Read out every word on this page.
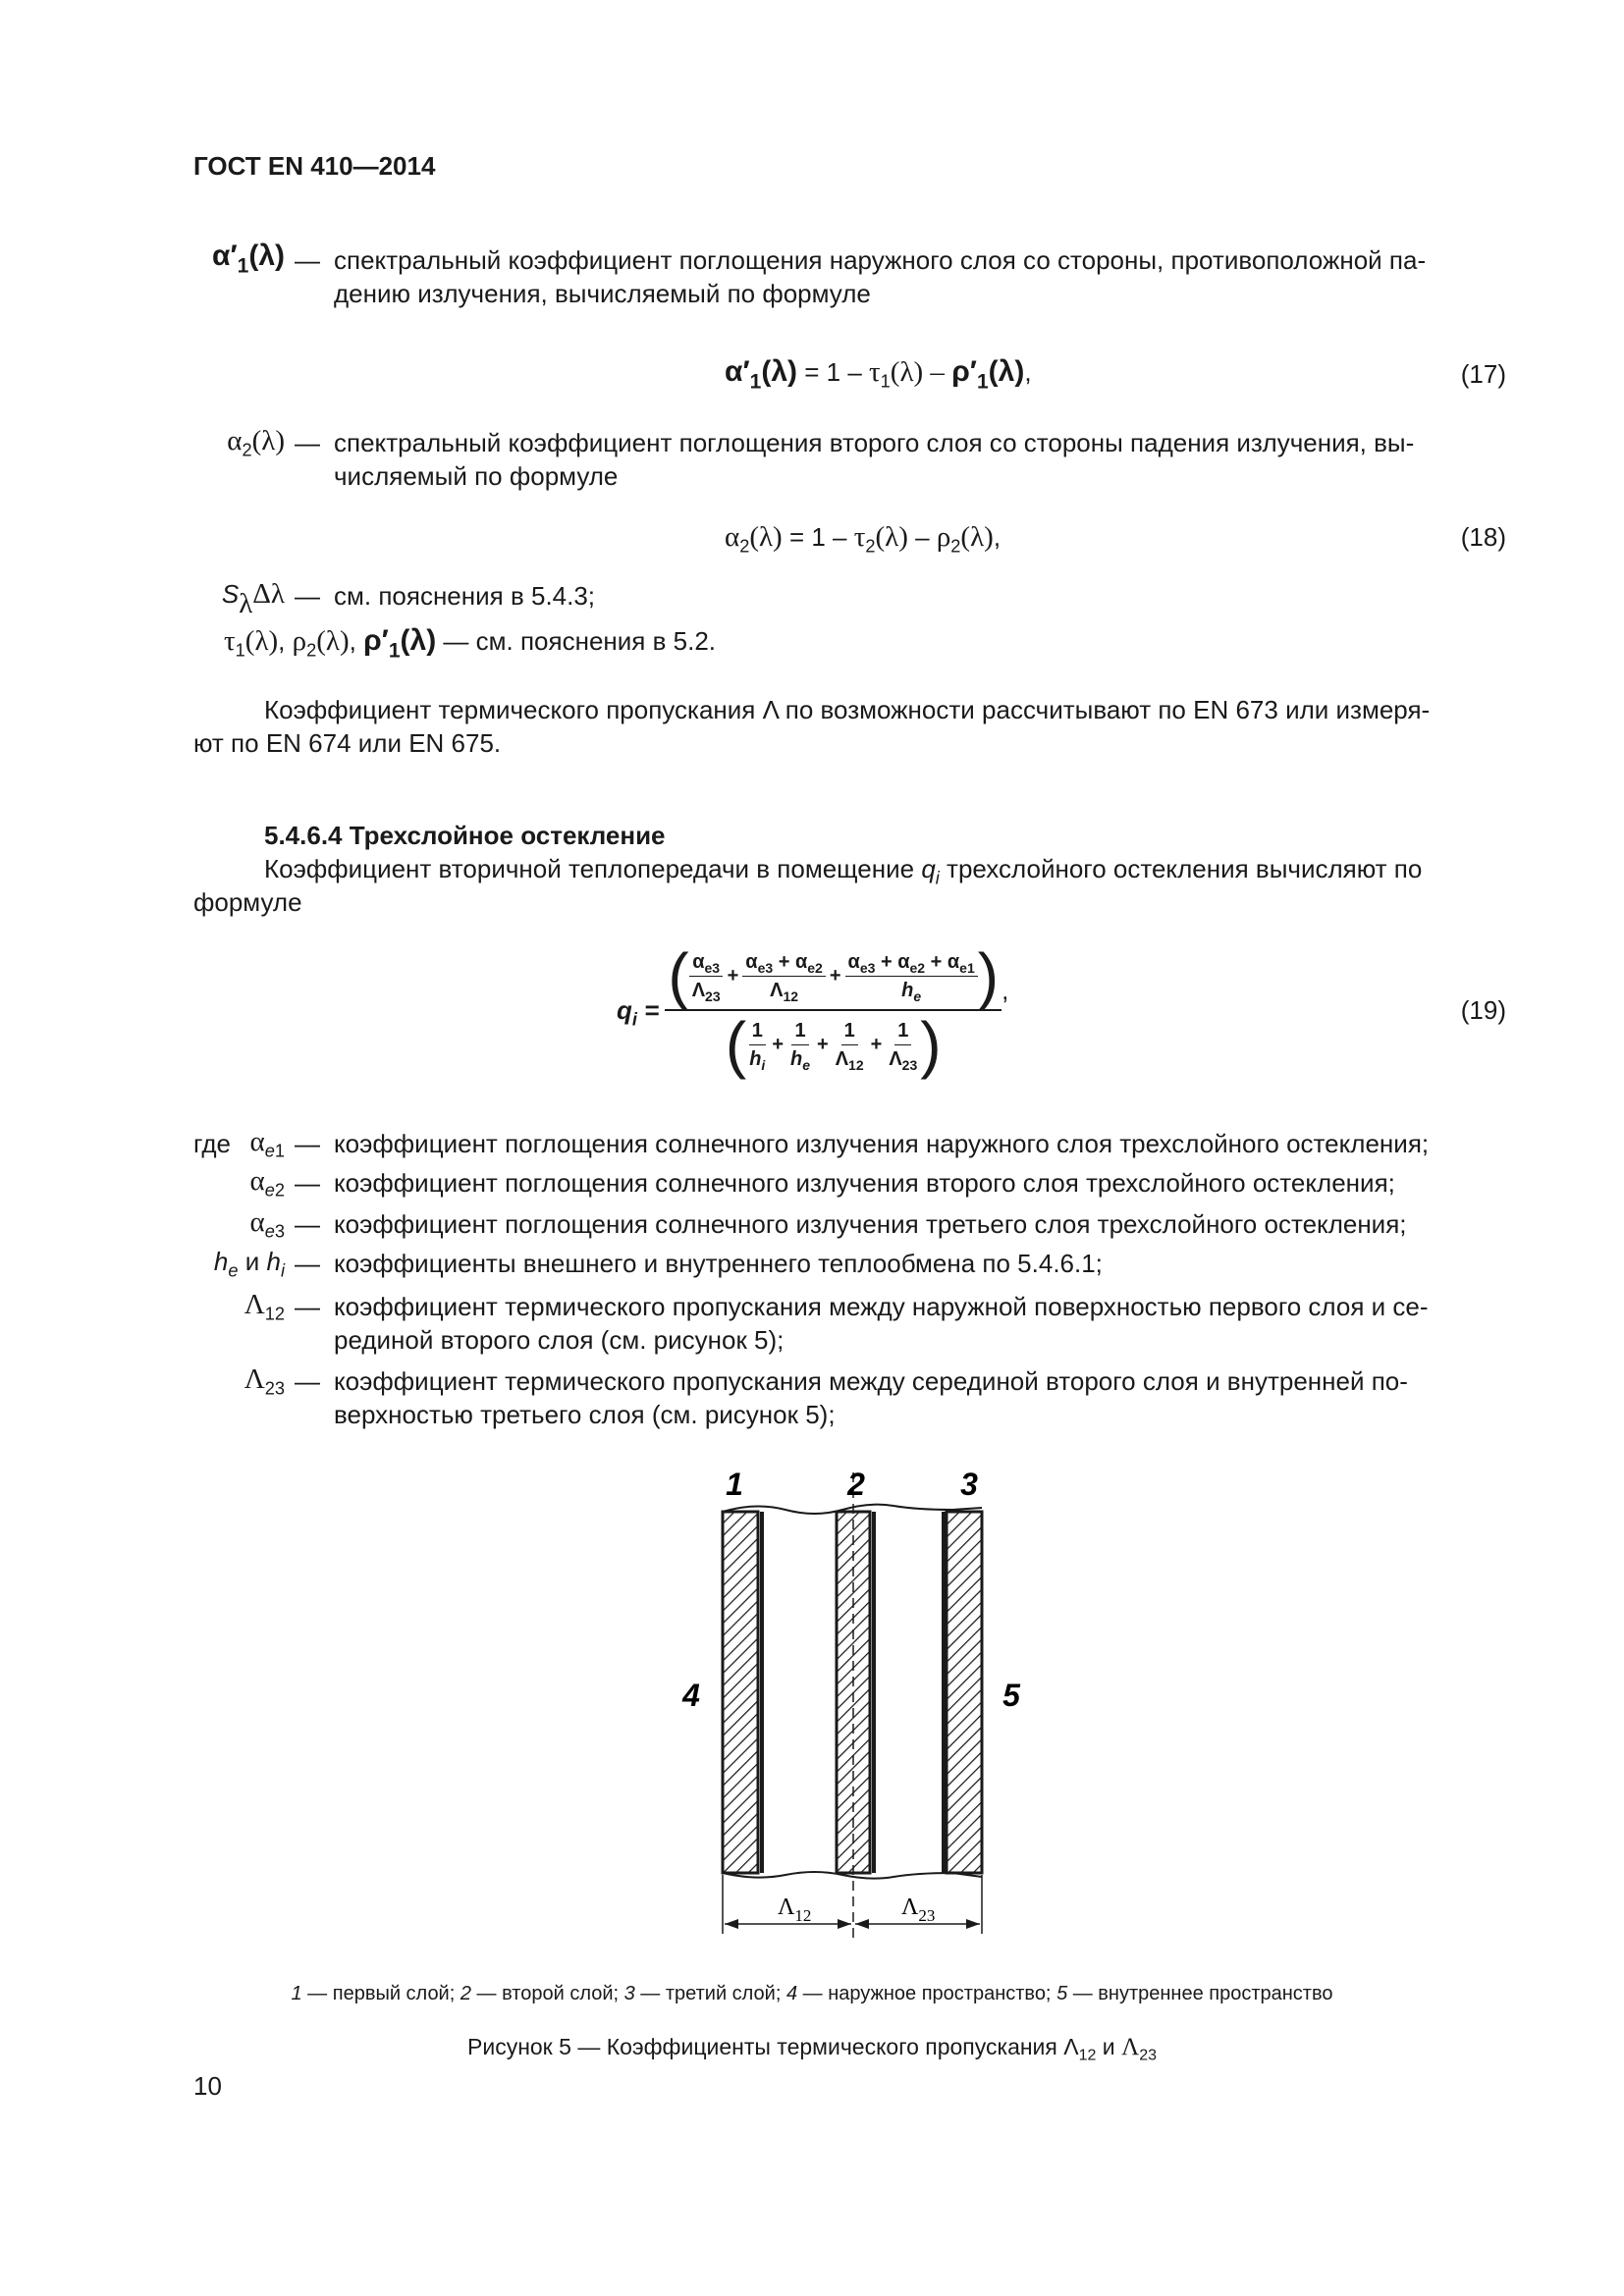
ГОСТ EN 410—2014
$\alpha'_1(\lambda)$ — спектральный коэффициент поглощения наружного слоя со стороны, противоположной па-
дению излучения, вычисляемый по формуле
$\alpha'_1(\lambda) = 1 - \tau_1(\lambda) - \rho'_1(\lambda)$,	(17)
$\alpha_2(\lambda)$ — спектральный коэффициент поглощения второго слоя со стороны падения излучения, вы-
числяемый по формуле
$\alpha_2(\lambda) = 1 - \tau_2(\lambda) - \rho_2(\lambda)$,	(18)
$S_\lambda\Delta\lambda$ — см. пояснения в 5.4.3;
$\tau_1(\lambda)$, $\rho_2(\lambda)$, $\rho'_1(\lambda)$ — см. пояснения в 5.2.
Коэффициент термического пропускания Λ по возможности рассчитывают по EN 673 или измеря-
ют по EN 674 или EN 675.
5.4.6.4 Трехслойное остекление
Коэффициент вторичной теплопередачи в помещение $q_i$ трехслойного остекления вычисляют по
формуле
$q_i$ = ( $\frac{\alpha_{e3}}{\Lambda_{23}} + \frac{\alpha_{e3} + \alpha_{e2}}{\Lambda_{12}} + \frac{\alpha_{e3} + \alpha_{e2} + \alpha_{e1}}{h_e}$ )
( $\frac{1}{h_i} + \frac{1}{h_e} + \frac{1}{\Lambda_{12}} + \frac{1}{\Lambda_{23}}$ )
,
(19)
где $\alpha_{e1}$ — коэффициент поглощения солнечного излучения наружного слоя трехслойного остекления;
$\alpha_{e2}$ — коэффициент поглощения солнечного излучения второго слоя трехслойного остекления;
$\alpha_{e3}$ — коэффициент поглощения солнечного излучения третьего слоя трехслойного остекления;
$h_e$ и $h_i$ — коэффициенты внешнего и внутреннего теплообмена по 5.4.6.1;
$\Lambda_{12}$ — коэффициент термического пропускания между наружной поверхностью первого слоя и се-
рединой второго слоя (см. рисунок 5);
$\Lambda_{23}$ — коэффициент термического пропускания между серединой второго слоя и внутренней по-
верхностью третьего слоя (см. рисунок 5);
1	2	3
4	5
$\Lambda_{12}$	$\Lambda_{23}$
1 — первый слой; 2 — второй слой; 3 — третий слой; 4 — наружное пространство; 5 — внутреннее пространство
Рисунок 5 — Коэффициенты термического пропускания $\Lambda_{12}$ и $\Lambda_{23}$
10
